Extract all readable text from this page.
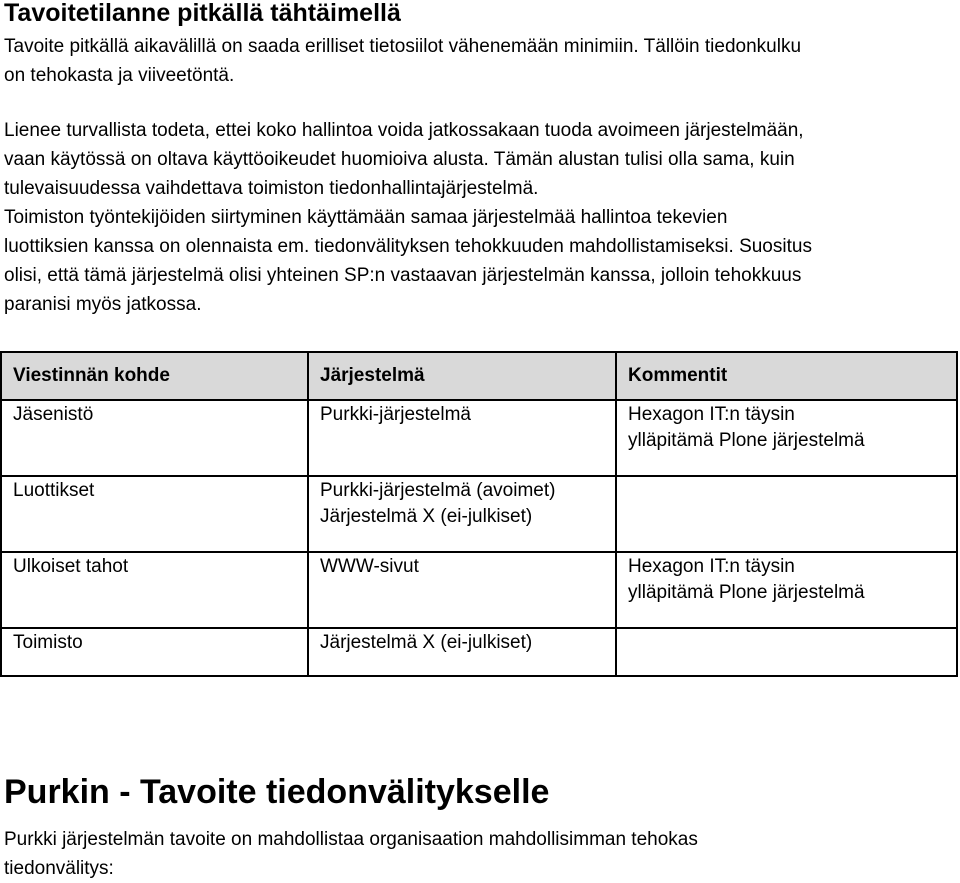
Tavoitetilanne pitkällä tähtäimellä

Tavoite pitkällä aikavälillä on saada erilliset tietosiilot vähenemään minimiin. Tällöin tiedonkulku
on tehokasta ja viiveetöntä.

Lienee turvallista todeta, ettei koko hallintoa voida jatkossakaan tuoda avoimeen järjestelmään,
vaan käytössä on oltava käyttöoikeudet huomioiva alusta. Tämän alustan tulisi olla sama, kuin
tulevaisuudessa vaihdettava toimiston tiedonhallintajärjestelmä.
Toimiston työntekijöiden siirtyminen käyttämään samaa järjestelmää hallintoa tekevien
luottiksien kanssa on olennaista em. tiedonvälityksen tehokkuuden mahdollistamiseksi. Suositus
olisi, että tämä järjestelmä olisi yhteinen SP:n vastaavan järjestelmän kanssa, jolloin tehokkuus
paranisi myös jatkossa.

Viestinnän kohde	Järjestelmä	Kommentit
Jäsenistö	Purkki-järjestelmä	Hexagon IT:n täysin
ylläpitämä Plone järjestelmä

Luottikset	Purkki-järjestelmä (avoimet)
Järjestelmä X (ei-julkiset)	

Ulkoiset tahot	WWW-sivut	Hexagon IT:n täysin
ylläpitämä Plone järjestelmä

Toimisto	Järjestelmä X (ei-julkiset)	

Purkin - Tavoite tiedonvälitykselle

Purkki järjestelmän tavoite on mahdollistaa organisaation mahdollisimman tehokas
tiedonvälitys:
